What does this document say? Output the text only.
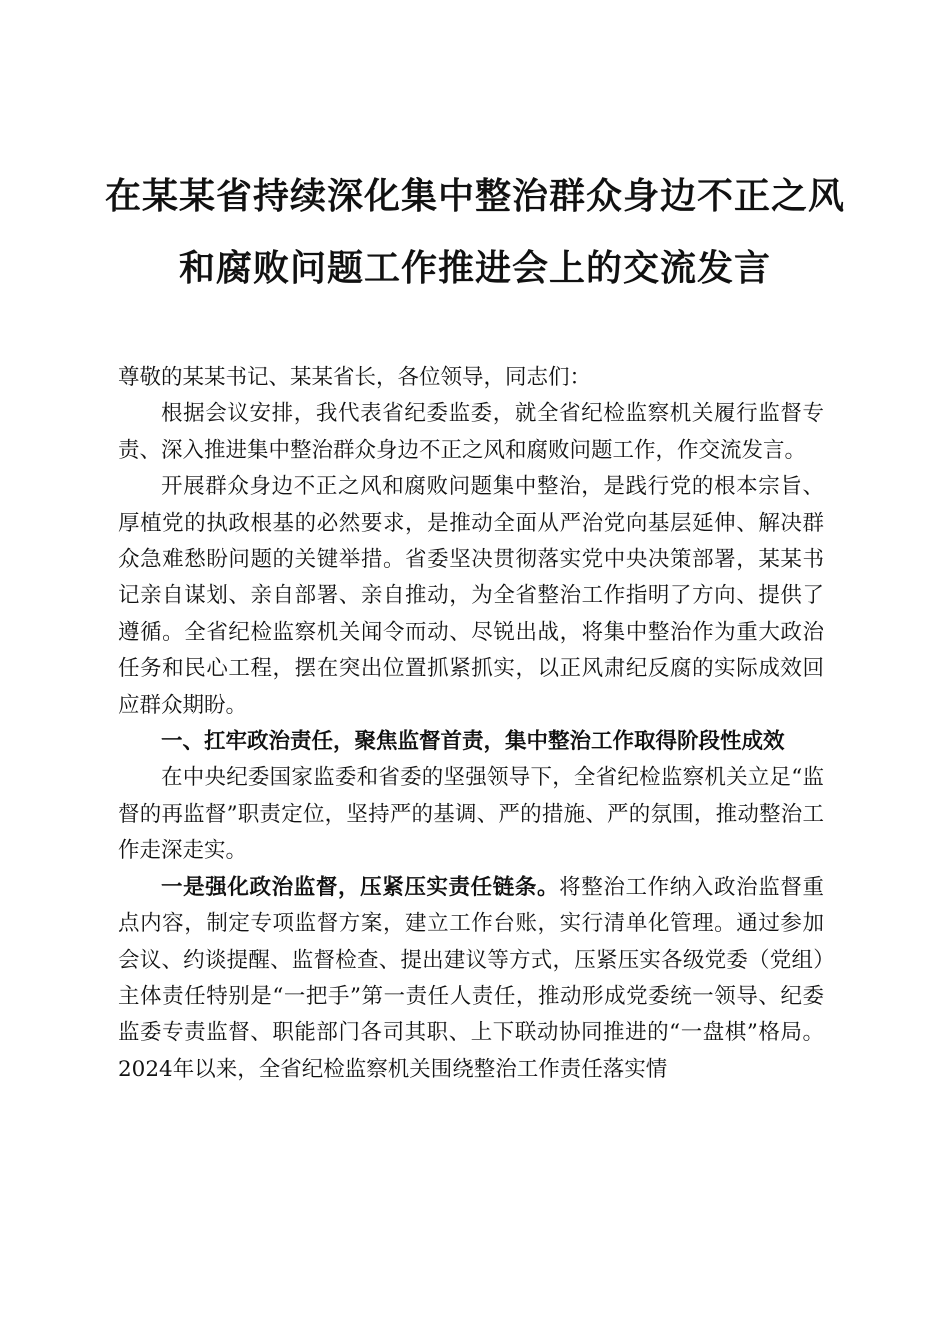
在某某省持续深化集中整治群众身边不正之风
和腐败问题工作推进会上的交流发言

尊敬的某某书记、某某省长，各位领导，同志们：

根据会议安排，我代表省纪委监委，就全省纪检监察机关履行监督专责、深入推进集中整治群众身边不正之风和腐败问题工作，作交流发言。

开展群众身边不正之风和腐败问题集中整治，是践行党的根本宗旨、厚植党的执政根基的必然要求，是推动全面从严治党向基层延伸、解决群众急难愁盼问题的关键举措。省委坚决贯彻落实党中央决策部署，某某书记亲自谋划、亲自部署、亲自推动，为全省整治工作指明了方向、提供了遵循。全省纪检监察机关闻令而动、尽锐出战，将集中整治作为重大政治任务和民心工程，摆在突出位置抓紧抓实，以正风肃纪反腐的实际成效回应群众期盼。

一、扛牢政治责任，聚焦监督首责，集中整治工作取得阶段性成效

在中央纪委国家监委和省委的坚强领导下，全省纪检监察机关立足“监督的再监督”职责定位，坚持严的基调、严的措施、严的氛围，推动整治工作走深走实。

一是强化政治监督，压紧压实责任链条。将整治工作纳入政治监督重点内容，制定专项监督方案，建立工作台账，实行清单化管理。通过参加会议、约谈提醒、监督检查、提出建议等方式，压紧压实各级党委（党组）主体责任特别是“一把手”第一责任人责任，推动形成党委统一领导、纪委监委专责监督、职能部门各司其职、上下联动协同推进的“一盘棋”格局。2024年以来，全省纪检监察机关围绕整治工作责任落实情
